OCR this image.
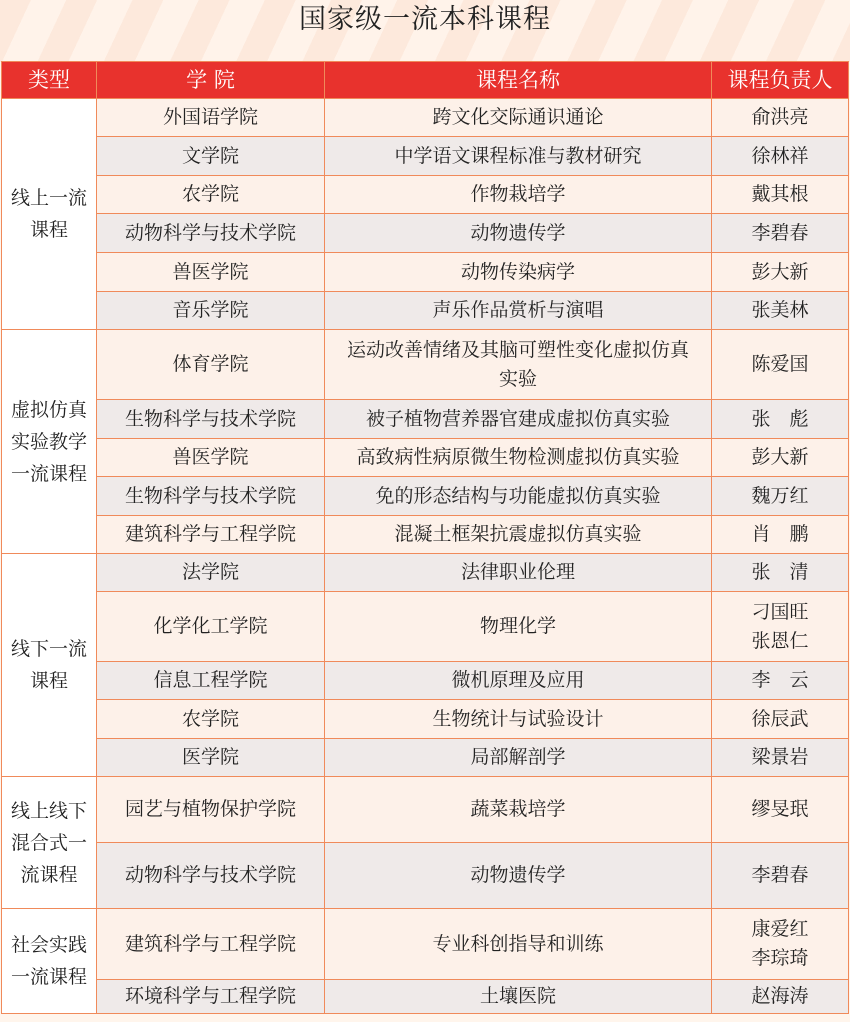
国家级一流本科课程
类型	学 院	课程名称	课程负责人
线上一流课程	外国语学院	跨文化交际通识通论	俞洪亮
	文学院	中学语文课程标准与教材研究	徐林祥
	农学院	作物栽培学	戴其根
	动物科学与技术学院	动物遗传学	李碧春
	兽医学院	动物传染病学	彭大新
	音乐学院	声乐作品赏析与演唱	张美林
虚拟仿真实验教学一流课程	体育学院	运动改善情绪及其脑可塑性变化虚拟仿真实验	陈爱国
	生物科学与技术学院	被子植物营养器官建成虚拟仿真实验	张　彪
	兽医学院	高致病性病原微生物检测虚拟仿真实验	彭大新
	生物科学与技术学院	免的形态结构与功能虚拟仿真实验	魏万红
	建筑科学与工程学院	混凝土框架抗震虚拟仿真实验	肖　鹏
线下一流课程	法学院	法律职业伦理	张　清
	化学化工学院	物理化学	刁国旺 张恩仁
	信息工程学院	微机原理及应用	李　云
	农学院	生物统计与试验设计	徐辰武
	医学院	局部解剖学	梁景岩
线上线下混合式一流课程	园艺与植物保护学院	蔬菜栽培学	缪旻珉
	动物科学与技术学院	动物遗传学	李碧春
社会实践一流课程	建筑科学与工程学院	专业科创指导和训练	康爱红 李琮琦
	环境科学与工程学院	土壤医院	赵海涛
